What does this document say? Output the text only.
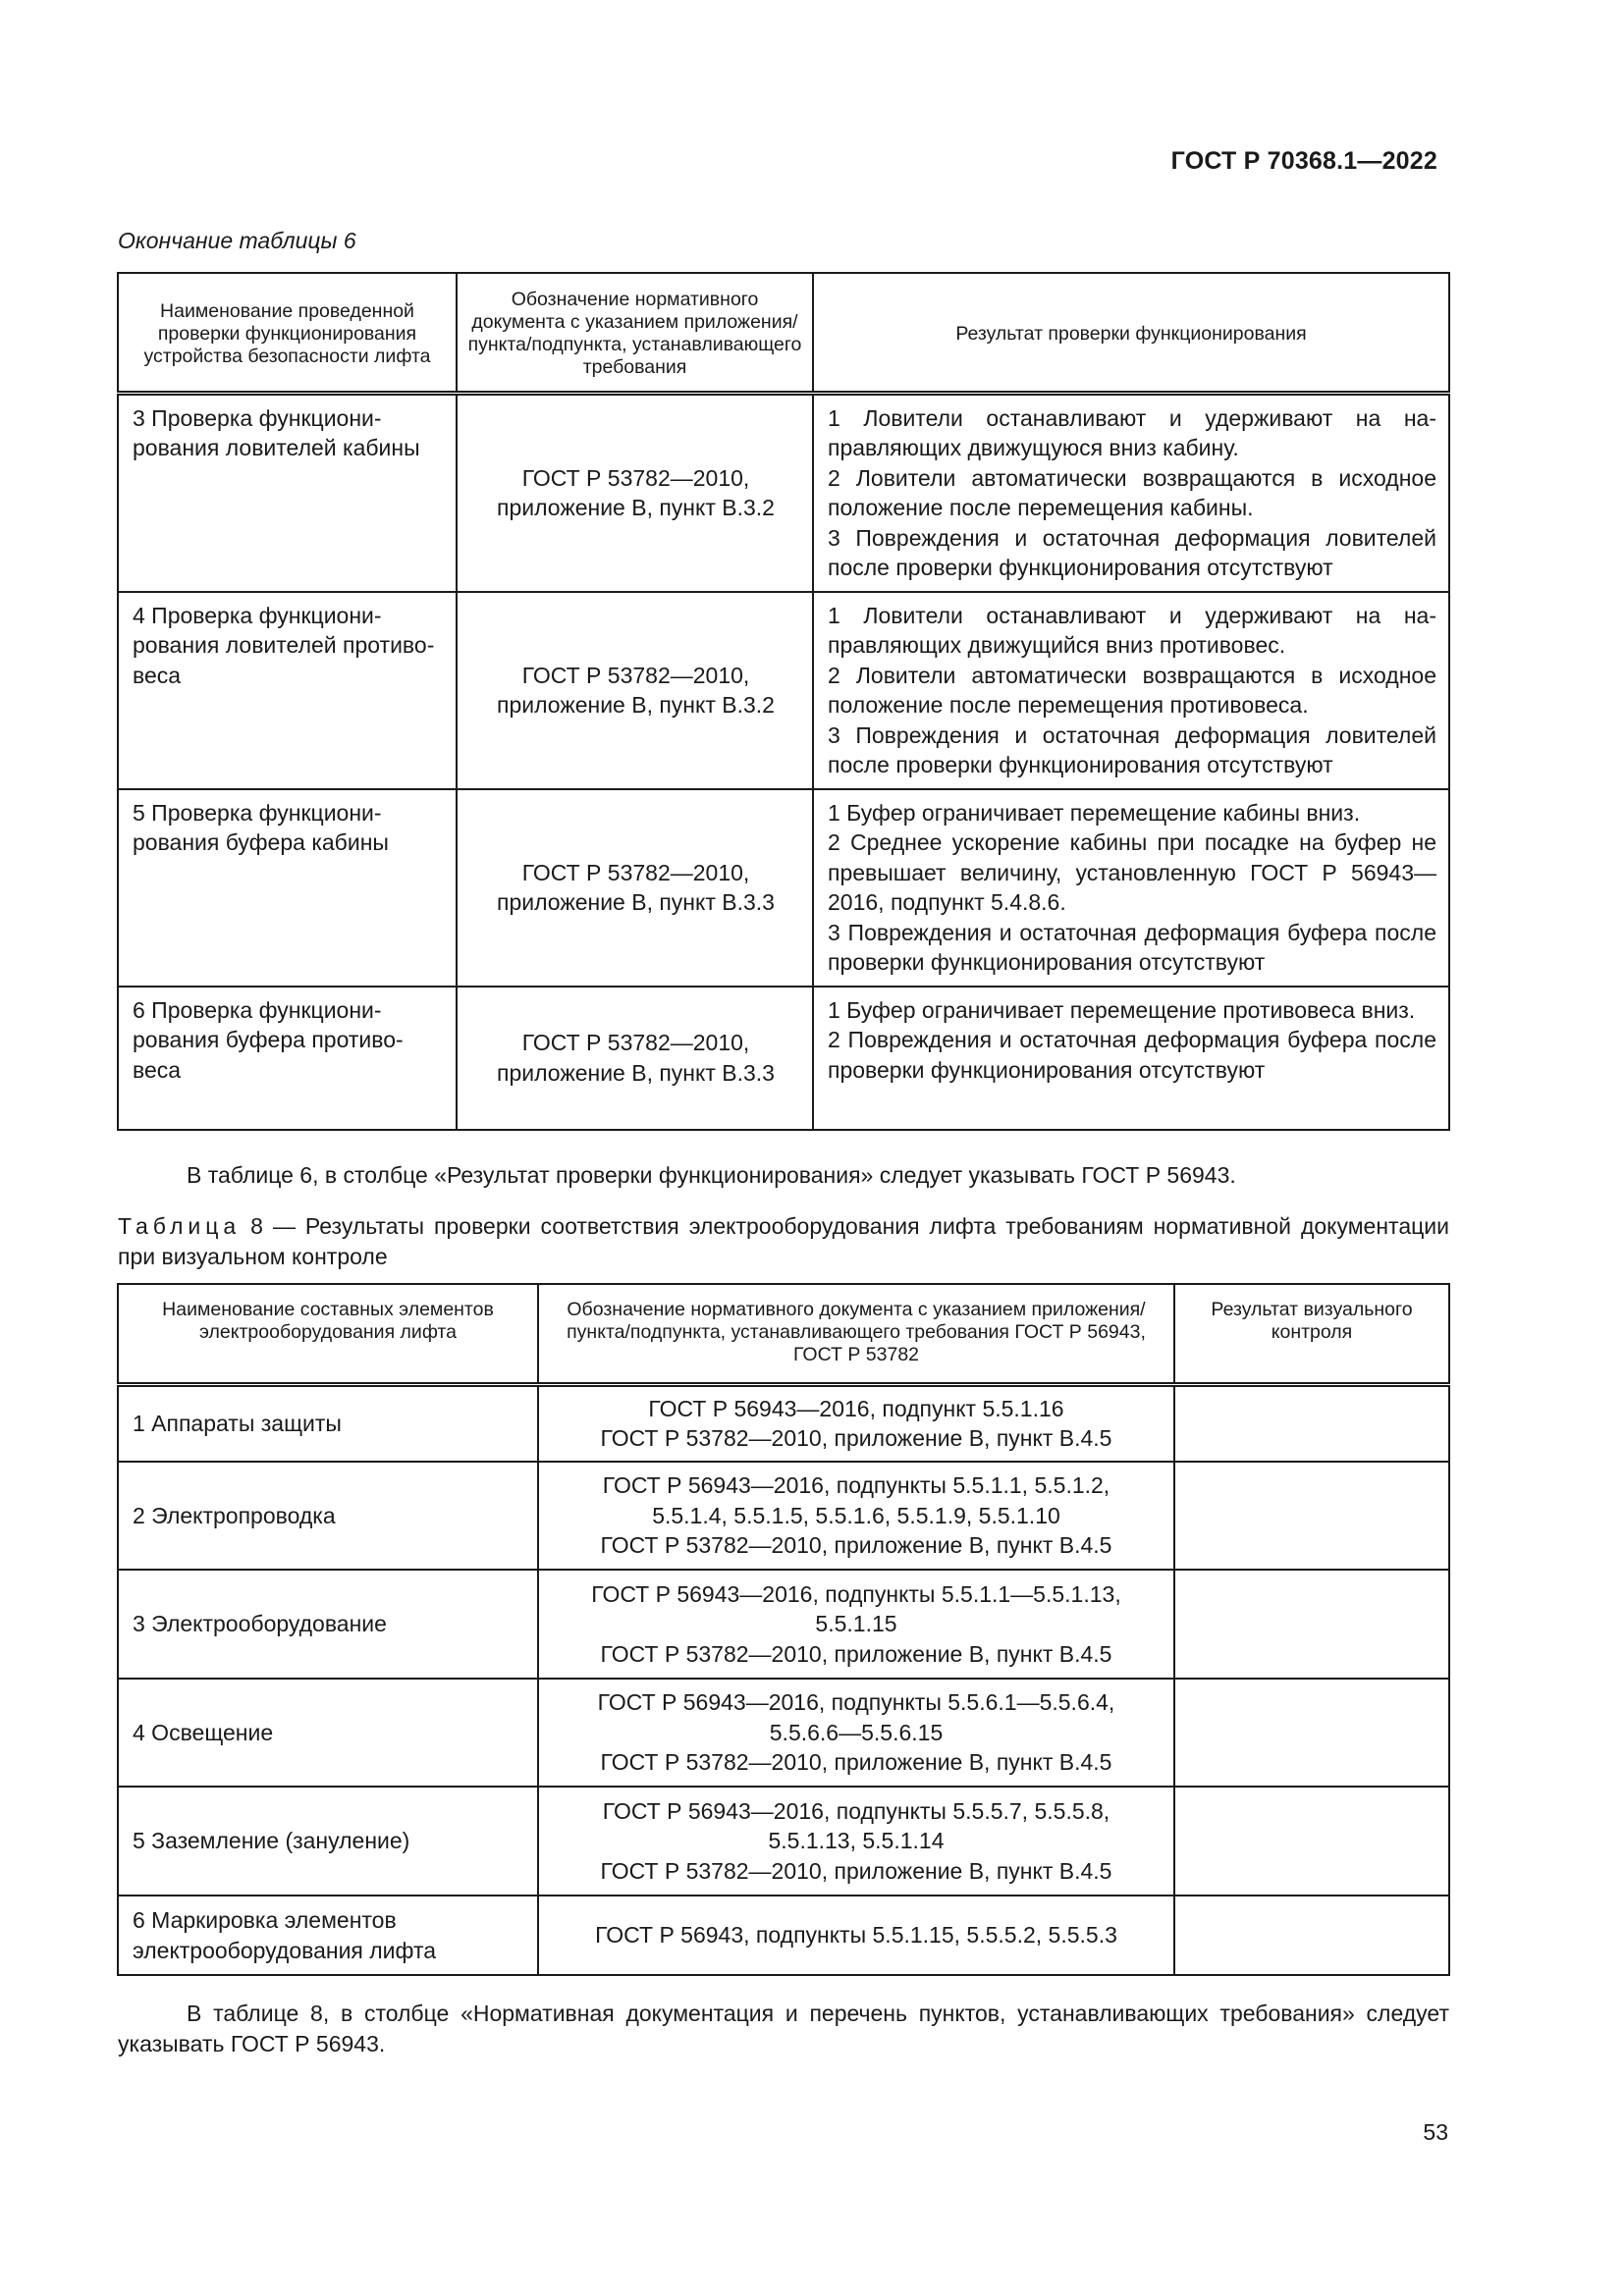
ГОСТ Р 70368.1—2022
Окончание таблицы 6
Наименование проведенной проверки функционирования устройства безопасности лифта	Обозначение нормативного документа с указанием приложения/пункта/подпункта, устанавливающего требования	Результат проверки функционирования
3 Проверка функционирования ловителей кабины	ГОСТ Р 53782—2010, приложение В, пункт В.3.2	1 Ловители останавливают и удерживают на направляющих движущуюся вниз кабину.
2 Ловители автоматически возвращаются в исходное положение после перемещения кабины.
3 Повреждения и остаточная деформация ловителей после проверки функционирования отсутствуют
4 Проверка функционирования ловителей противовеса	ГОСТ Р 53782—2010, приложение В, пункт В.3.2	1 Ловители останавливают и удерживают на направляющих движущийся вниз противовес.
2 Ловители автоматически возвращаются в исходное положение после перемещения противовеса.
3 Повреждения и остаточная деформация ловителей после проверки функционирования отсутствуют
5 Проверка функционирования буфера кабины	ГОСТ Р 53782—2010, приложение В, пункт В.3.3	1 Буфер ограничивает перемещение кабины вниз.
2 Среднее ускорение кабины при посадке на буфер не превышает величину, установленную ГОСТ Р 56943—2016, подпункт 5.4.8.6.
3 Повреждения и остаточная деформация буфера после проверки функционирования отсутствуют
6 Проверка функционирования буфера противовеса	ГОСТ Р 53782—2010, приложение В, пункт В.3.3	1 Буфер ограничивает перемещение противовеса вниз.
2 Повреждения и остаточная деформация буфера после проверки функционирования отсутствуют
В таблице 6, в столбце «Результат проверки функционирования» следует указывать ГОСТ Р 56943.
Таблица 8 — Результаты проверки соответствия электрооборудования лифта требованиям нормативной документации при визуальном контроле
Наименование составных элементов электрооборудования лифта	Обозначение нормативного документа с указанием приложения/пункта/подпункта, устанавливающего требования ГОСТ Р 56943, ГОСТ Р 53782	Результат визуального контроля
1 Аппараты защиты	ГОСТ Р 56943—2016, подпункт 5.5.1.16
ГОСТ Р 53782—2010, приложение В, пункт В.4.5	
2 Электропроводка	ГОСТ Р 56943—2016, подпункты 5.5.1.1, 5.5.1.2,
5.5.1.4, 5.5.1.5, 5.5.1.6, 5.5.1.9, 5.5.1.10
ГОСТ Р 53782—2010, приложение В, пункт В.4.5	
3 Электрооборудование	ГОСТ Р 56943—2016, подпункты 5.5.1.1—5.5.1.13,
5.5.1.15
ГОСТ Р 53782—2010, приложение В, пункт В.4.5	
4 Освещение	ГОСТ Р 56943—2016, подпункты 5.5.6.1—5.5.6.4,
5.5.6.6—5.5.6.15
ГОСТ Р 53782—2010, приложение В, пункт В.4.5	
5 Заземление (зануление)	ГОСТ Р 56943—2016, подпункты 5.5.5.7, 5.5.5.8,
5.5.1.13, 5.5.1.14
ГОСТ Р 53782—2010, приложение В, пункт В.4.5	
6 Маркировка элементов
электрооборудования лифта	ГОСТ Р 56943, подпункты 5.5.1.15, 5.5.5.2, 5.5.5.3	
В таблице 8, в столбце «Нормативная документация и перечень пунктов, устанавливающих требования» следует указывать ГОСТ Р 56943.
53
